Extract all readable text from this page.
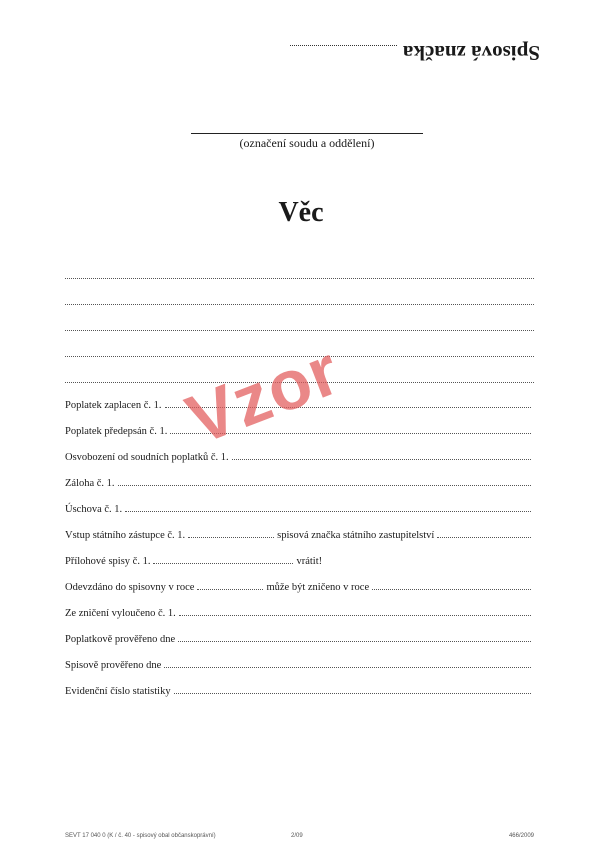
Spisová značka
(označení soudu a oddělení)
Věc
Poplatek zaplacen č. 1.
Poplatek předepsán č. 1.
Osvobození od soudních poplatků č. 1.
Záloha č. 1.
Úschova č. 1.
Vstup státního zástupce č. 1.	spisová značka státního zastupitelství
Přílohové spisy č. 1.	vrátit!
Odevzdáno do spisovny v roce	může být zničeno v roce
Ze zničení vyloučeno č. 1.
Poplatkově prověřeno dne
Spisově prověřeno dne
Evidenční číslo statistiky
Vzor
SEVT 17 040 0 (K / č. 40 - spisový obal občanskoprávní)	2/09	466/2009
